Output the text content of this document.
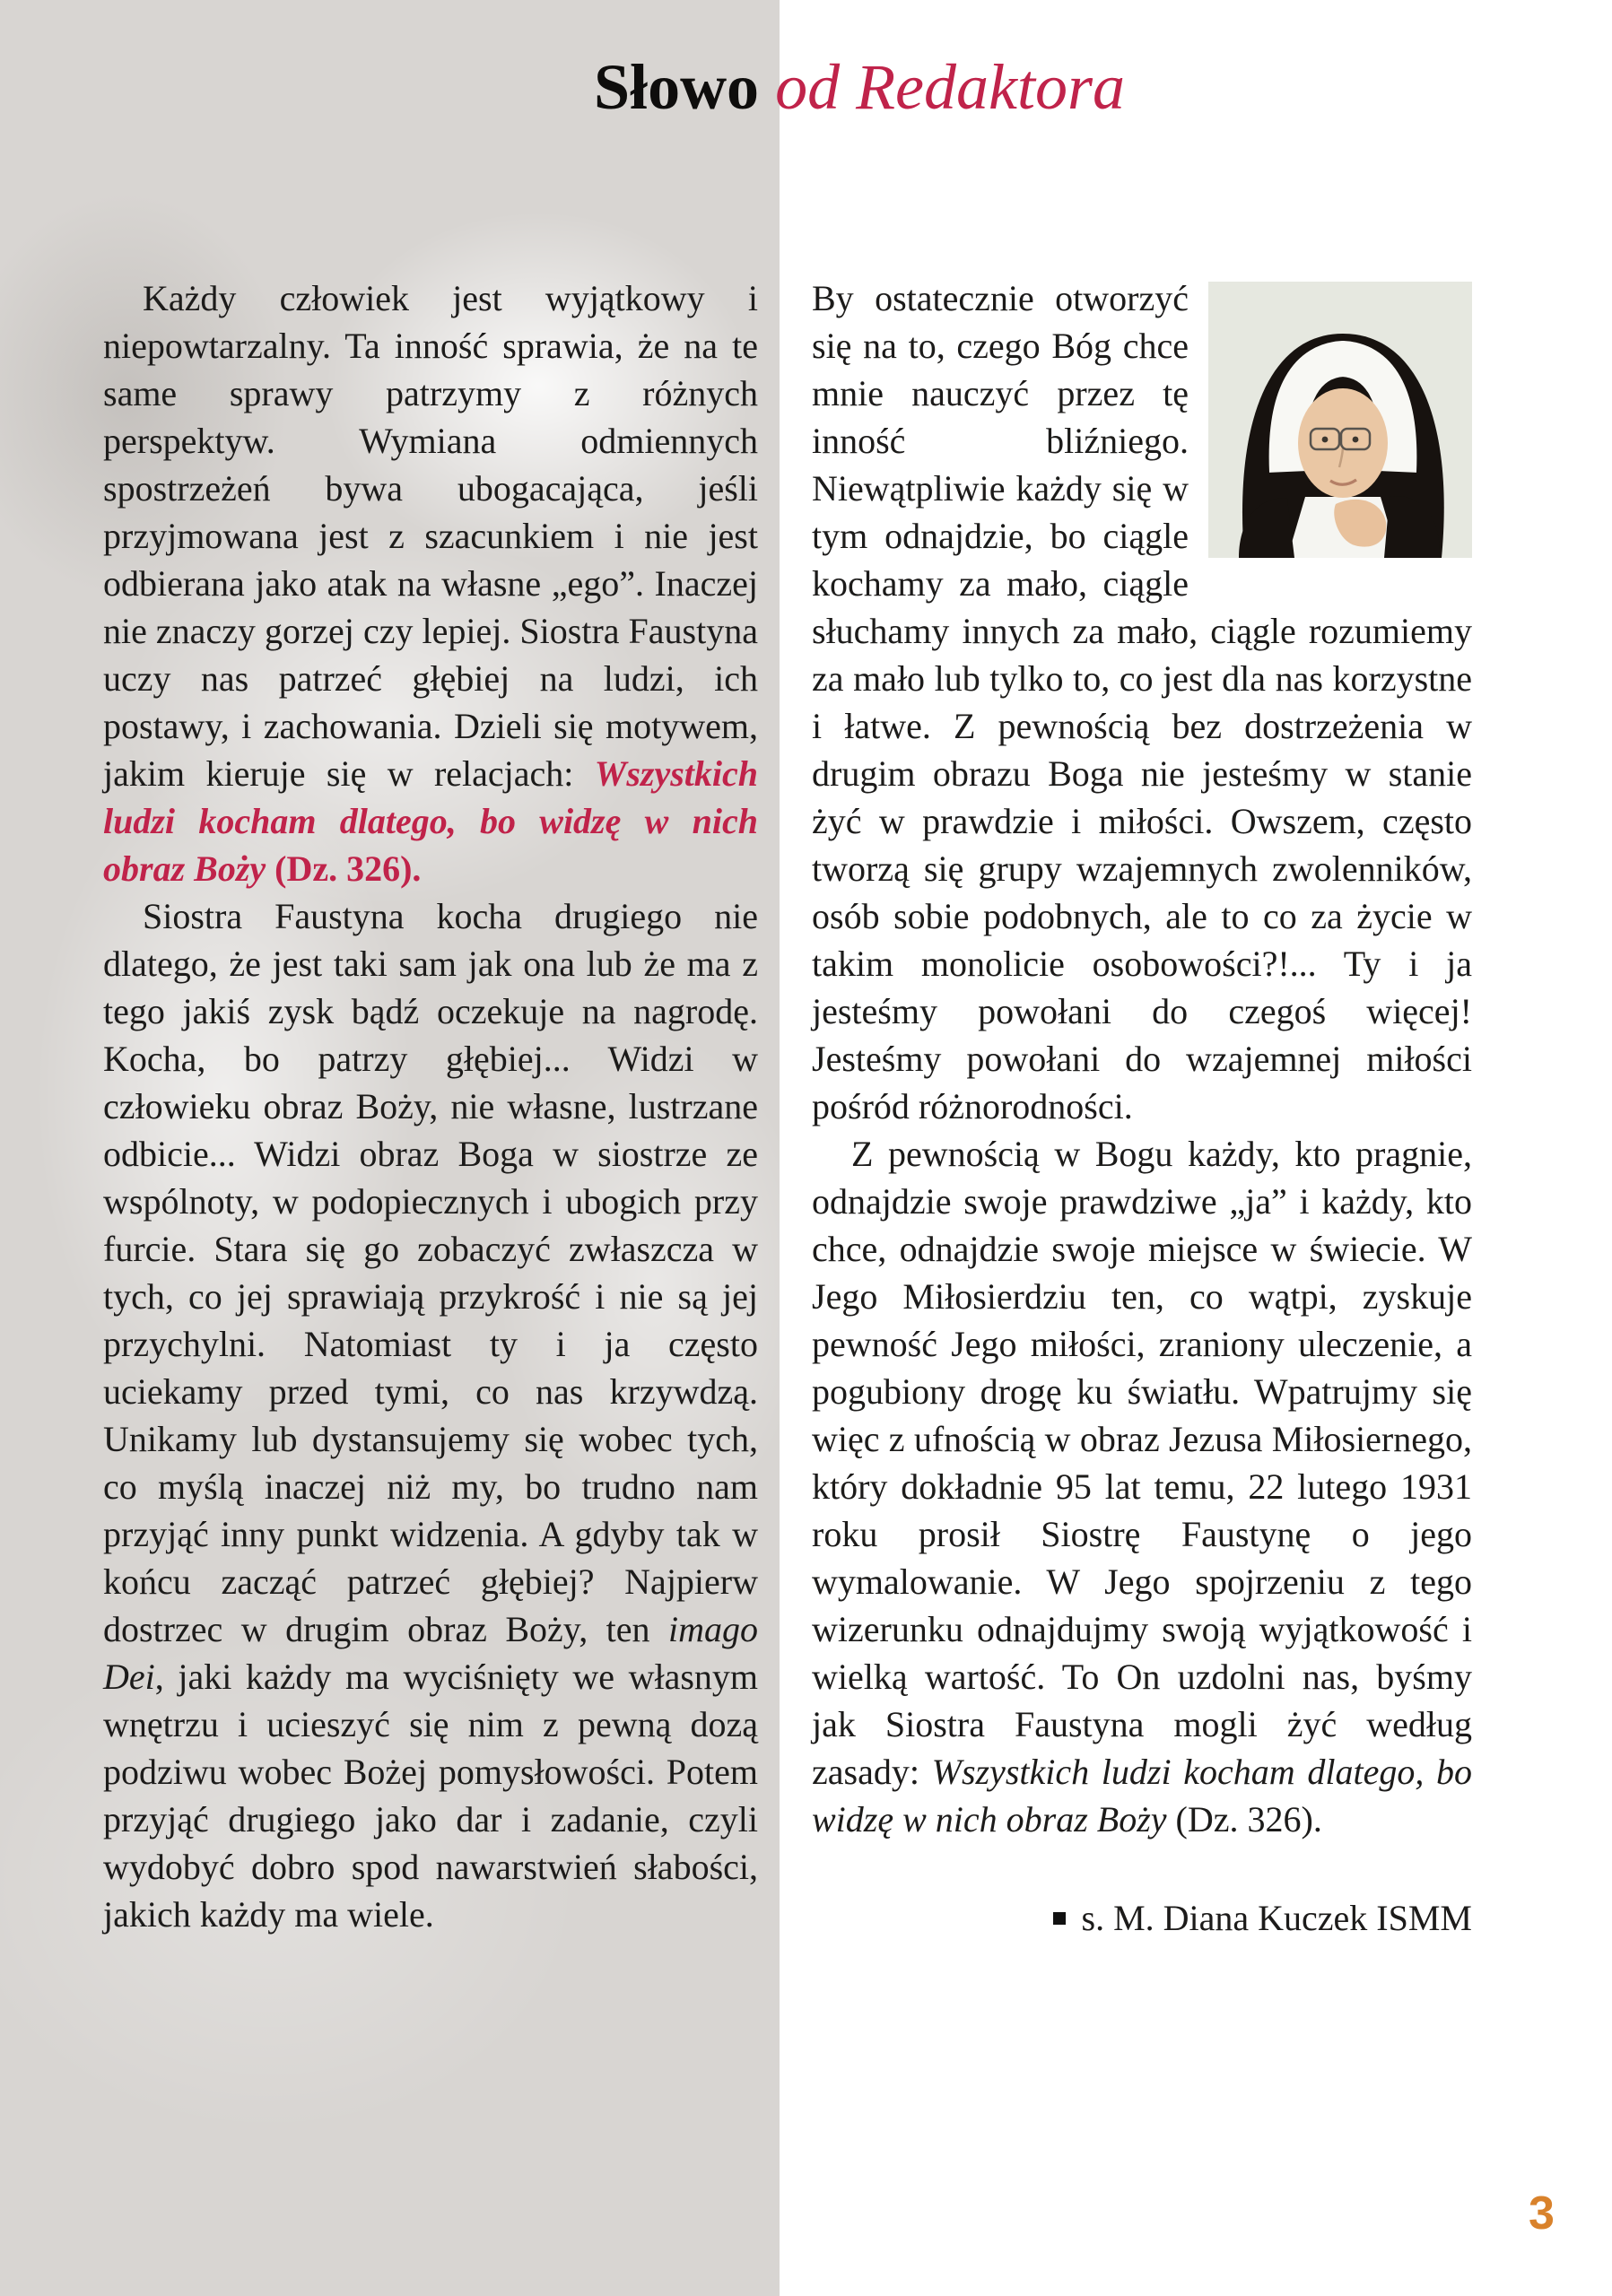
Słowo od Redaktora

Każdy człowiek jest wyjątkowy i niepowtarzalny. Ta inność sprawia, że na te same sprawy patrzymy z różnych perspektyw. Wymiana odmiennych spostrzeżeń bywa ubogacająca, jeśli przyjmowana jest z szacunkiem i nie jest odbierana jako atak na własne „ego”. Inaczej nie znaczy gorzej czy lepiej. Siostra Faustyna uczy nas patrzeć głębiej na ludzi, ich postawy, i zachowania. Dzieli się motywem, jakim kieruje się w relacjach: Wszystkich ludzi kocham dlatego, bo widzę w nich obraz Boży (Dz. 326).

Siostra Faustyna kocha drugiego nie dlatego, że jest taki sam jak ona lub że ma z tego jakiś zysk bądź oczekuje na nagrodę. Kocha, bo patrzy głębiej... Widzi w człowieku obraz Boży, nie własne, lustrzane odbicie... Widzi obraz Boga w siostrze ze wspólnoty, w podopiecznych i ubogich przy furcie. Stara się go zobaczyć zwłaszcza w tych, co jej sprawiają przykrość i nie są jej przychylni. Natomiast ty i ja często uciekamy przed tymi, co nas krzywdzą. Unikamy lub dystansujemy się wobec tych, co myślą inaczej niż my, bo trudno nam przyjąć inny punkt widzenia. A gdyby tak w końcu zacząć patrzeć głębiej? Najpierw dostrzec w drugim obraz Boży, ten imago Dei, jaki każdy ma wyciśnięty we własnym wnętrzu i ucieszyć się nim z pewną dozą podziwu wobec Bożej pomysłowości. Potem przyjąć drugiego jako dar i zadanie, czyli wydobyć dobro spod nawarstwień słabości, jakich każdy ma wiele.

By ostatecznie otworzyć się na to, czego Bóg chce mnie nauczyć przez tę inność bliźniego. Niewątpliwie każdy się w tym odnajdzie, bo ciągle kochamy za mało, ciągle słuchamy innych za mało, ciągle rozumiemy za mało lub tylko to, co jest dla nas korzystne i łatwe. Z pewnością bez dostrzeżenia w drugim obrazu Boga nie jesteśmy w stanie żyć w prawdzie i miłości. Owszem, często tworzą się grupy wzajemnych zwolenników, osób sobie podobnych, ale to co za życie w takim monolicie osobowości?!... Ty i ja jesteśmy powołani do czegoś więcej! Jesteśmy powołani do wzajemnej miłości pośród różnorodności.

Z pewnością w Bogu każdy, kto pragnie, odnajdzie swoje prawdziwe „ja” i każdy, kto chce, odnajdzie swoje miejsce w świecie. W Jego Miłosierdziu ten, co wątpi, zyskuje pewność Jego miłości, zraniony uleczenie, a pogubiony drogę ku światłu. Wpatrujmy się więc z ufnością w obraz Jezusa Miłosiernego, który dokładnie 95 lat temu, 22 lutego 1931 roku prosił Siostrę Faustynę o jego wymalowanie. W Jego spojrzeniu z tego wizerunku odnajdujmy swoją wyjątkowość i wielką wartość. To On uzdolni nas, byśmy jak Siostra Faustyna mogli żyć według zasady: Wszystkich ludzi kocham dlatego, bo widzę w nich obraz Boży (Dz. 326).

s. M. Diana Kuczek ISMM
3
